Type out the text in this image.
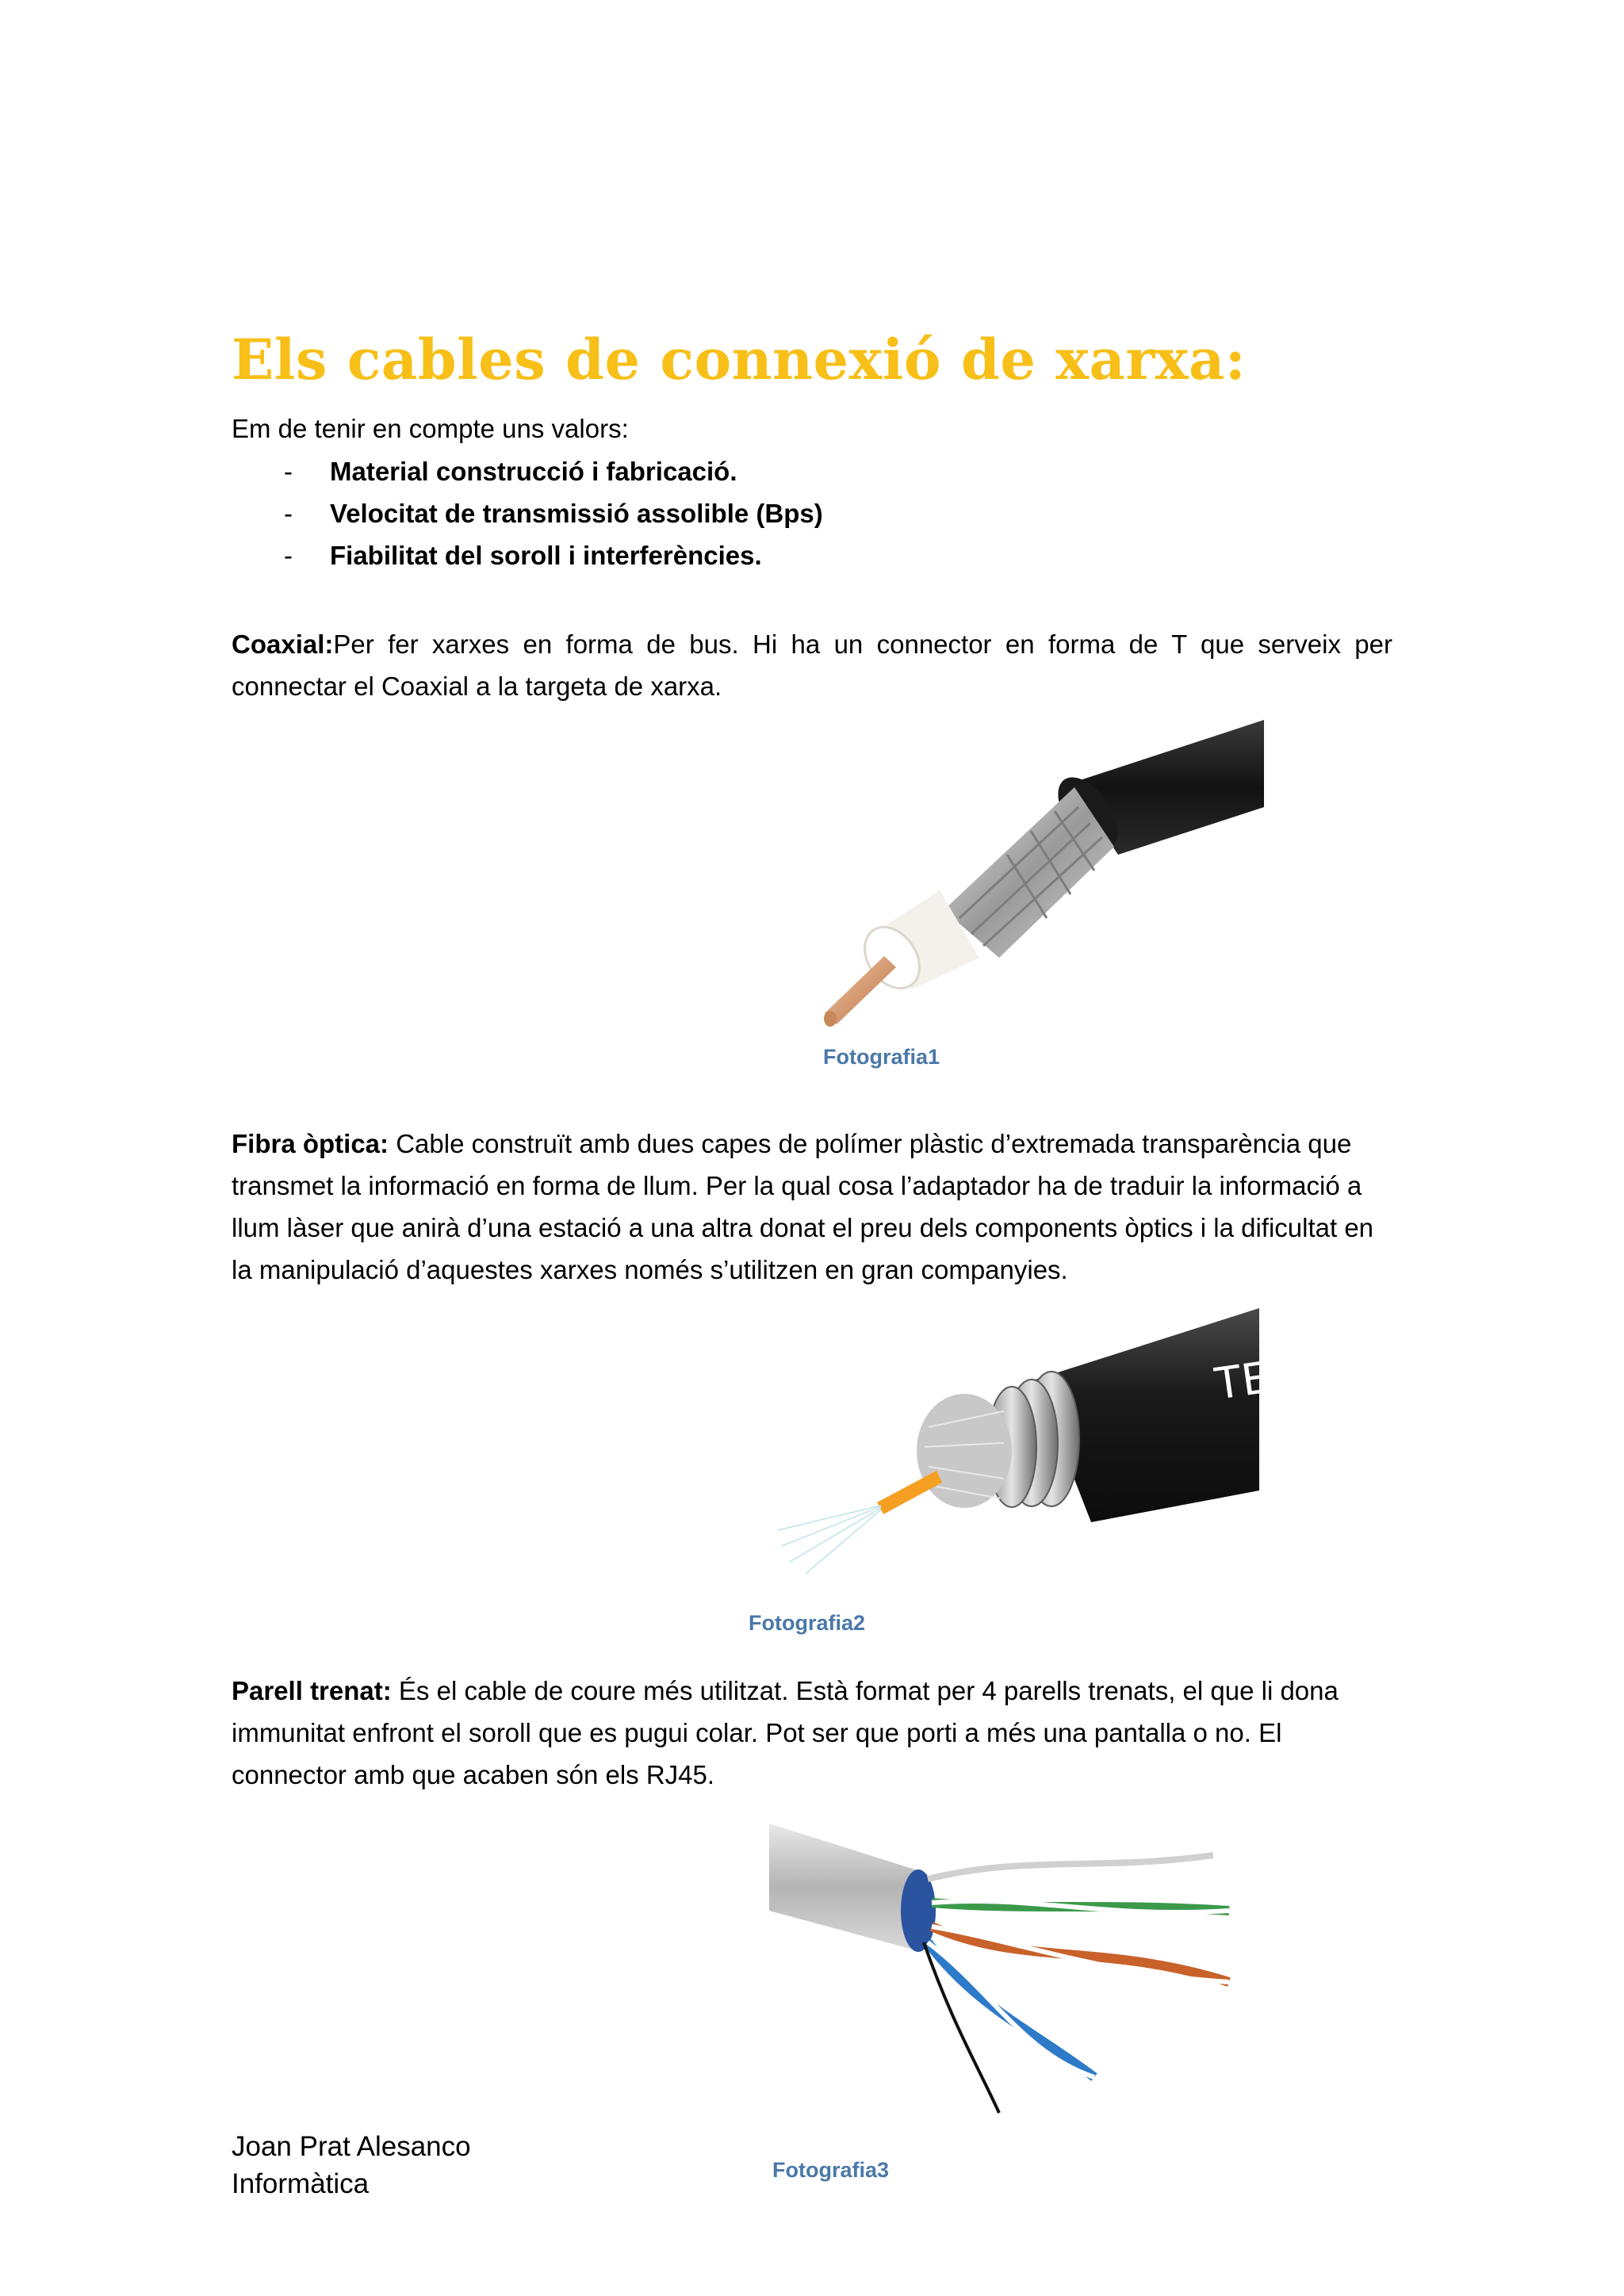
Els cables de connexió de xarxa:

Em de tenir en compte uns valors:

- Material construcció i fabricació.
- Velocitat de transmissió assolible (Bps)
- Fiabilitat del soroll i interferències.

Coaxial:Per fer xarxes en forma de bus. Hi ha un connector en forma de T que serveix per connectar el Coaxial a la targeta de xarxa.

Fotografia1

Fibra òptica: Cable construït amb dues capes de polímer plàstic d’extremada transparència que transmet la informació en forma de llum. Per la qual cosa l’adaptador ha de traduir la informació a llum làser que anirà d’una estació a una altra donat el preu dels components òptics i la dificultat en la manipulació d’aquestes xarxes només s’utilitzen en gran companyies.

TE
Fotografia2

Parell trenat: És el cable de coure més utilitzat. Està format per 4 parells trenats, el que li dona immunitat enfront el soroll que es pugui colar. Pot ser que porti a més una pantalla o no. El connector amb que acaben són els RJ45.

Fotografia3
Joan Prat Alesanco
Informàtica
